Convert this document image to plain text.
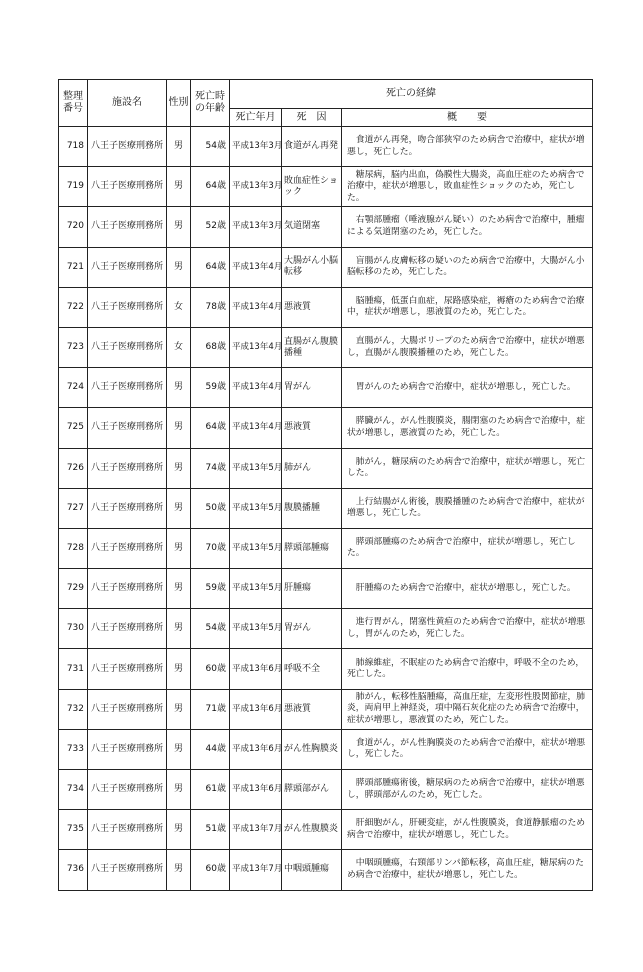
整理
番号	施設名	性別	死亡時
の年齢	死亡の経緯		
				死亡年月	死　因	概　　要
718	八王子医療刑務所	男	54歳	平成13年3月	食道がん再発	食道がん再発，吻合部狭窄のため病舎で治療中，症状が増悪し，死亡した。

719	八王子医療刑務所	男	64歳	平成13年3月	敗血症性ショック	糖尿病，脳内出血，偽膜性大腸炎，高血圧症のため病舎で治療中，症状が増悪し，敗血症性ショックのため，死亡した。

720	八王子医療刑務所	男	52歳	平成13年3月	気道閉塞	右顎部腫瘤（唾液腺がん疑い）のため病舎で治療中，腫瘤による気道閉塞のため，死亡した。

721	八王子医療刑務所	男	64歳	平成13年4月	大腸がん小脳転移	盲腸がん皮膚転移の疑いのため病舎で治療中，大腸がん小脳転移のため，死亡した。

722	八王子医療刑務所	女	78歳	平成13年4月	悪液質	脳腫瘍，低蛋白血症，尿路感染症，褥瘡のため病舎で治療中，症状が増悪し，悪液質のため，死亡した。

723	八王子医療刑務所	女	68歳	平成13年4月	直腸がん腹膜播種	直腸がん，大腸ポリープのため病舎で治療中，症状が増悪し，直腸がん腹膜播種のため，死亡した。

724	八王子医療刑務所	男	59歳	平成13年4月	胃がん	胃がんのため病舎で治療中，症状が増悪し，死亡した。

725	八王子医療刑務所	男	64歳	平成13年4月	悪液質	膵臓がん，がん性腹膜炎，腸閉塞のため病舎で治療中，症状が増悪し，悪液質のため，死亡した。

726	八王子医療刑務所	男	74歳	平成13年5月	肺がん	肺がん，糖尿病のため病舎で治療中，症状が増悪し，死亡した。

727	八王子医療刑務所	男	50歳	平成13年5月	腹膜播腫	上行結腸がん術後，腹膜播腫のため病舎で治療中，症状が増悪し，死亡した。

728	八王子医療刑務所	男	70歳	平成13年5月	膵頭部腫瘍	膵頭部腫瘍のため病舎で治療中，症状が増悪し，死亡した。

729	八王子医療刑務所	男	59歳	平成13年5月	肝腫瘍	肝腫瘍のため病舎で治療中，症状が増悪し，死亡した。

730	八王子医療刑務所	男	54歳	平成13年5月	胃がん	進行胃がん，閉塞性黄疸のため病舎で治療中，症状が増悪し，胃がんのため，死亡した。

731	八王子医療刑務所	男	60歳	平成13年6月	呼吸不全	肺線維症，不眠症のため病舎で治療中，呼吸不全のため，死亡した。

732	八王子医療刑務所	男	71歳	平成13年6月	悪液質	肺がん，転移性脳腫瘍，高血圧症，左変形性股関節症，肺炎，両肩甲上神経炎，項中隔石灰化症のため病舎で治療中，症状が増悪し，悪液質のため，死亡した。

733	八王子医療刑務所	男	44歳	平成13年6月	がん性胸膜炎	食道がん，がん性胸膜炎のため病舎で治療中，症状が増悪し，死亡した。

734	八王子医療刑務所	男	61歳	平成13年6月	膵頭部がん	膵頭部腫瘍術後，糖尿病のため病舎で治療中，症状が増悪し，膵頭部がんのため，死亡した。

735	八王子医療刑務所	男	51歳	平成13年7月	がん性腹膜炎	肝細胞がん，肝硬変症，がん性腹膜炎，食道静脈瘤のため病舎で治療中，症状が増悪し，死亡した。

736	八王子医療刑務所	男	60歳	平成13年7月	中咽頭腫瘍	中咽頭腫瘍，右頸部リンパ節転移，高血圧症，糖尿病のため病舎で治療中，症状が増悪し，死亡した。
